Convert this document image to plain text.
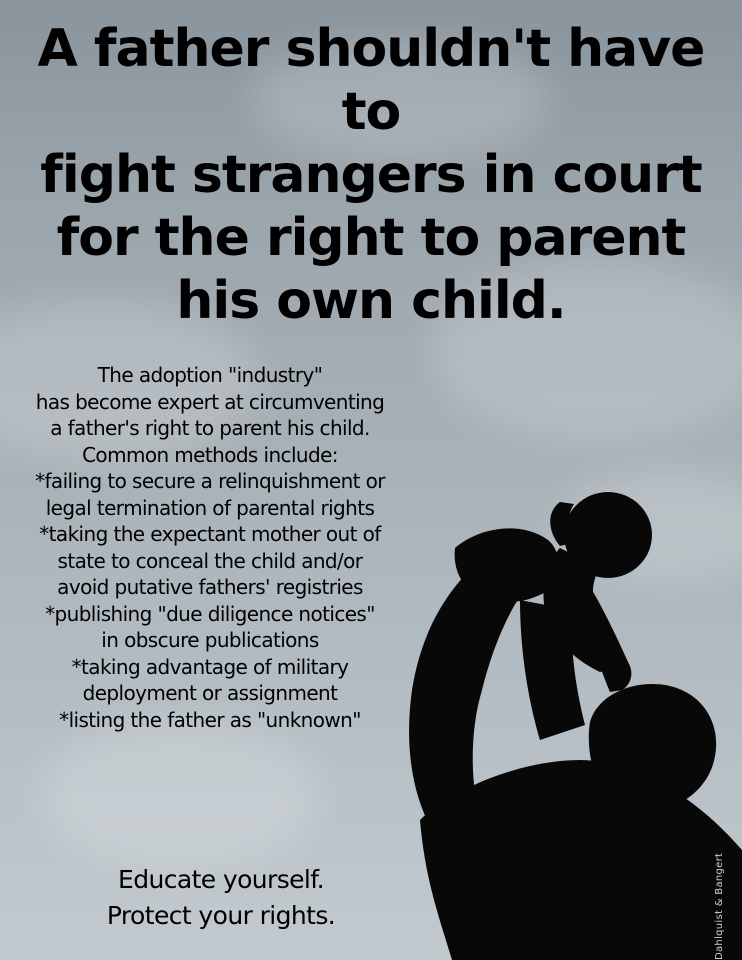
A father shouldn't have to
fight strangers in court
for the right to parent
his own child.
The adoption "industry"
has become expert at circumventing
a father's right to parent his child.
Common methods include:
*failing to secure a relinquishment or
legal termination of parental rights
*taking the expectant mother out of
state to conceal the child and/or
avoid putative fathers' registries
*publishing "due diligence notices"
in obscure publications
*taking advantage of military
deployment or assignment
*listing the father as "unknown"
Educate yourself.
Protect your rights.	Dahlquist & Bangert
